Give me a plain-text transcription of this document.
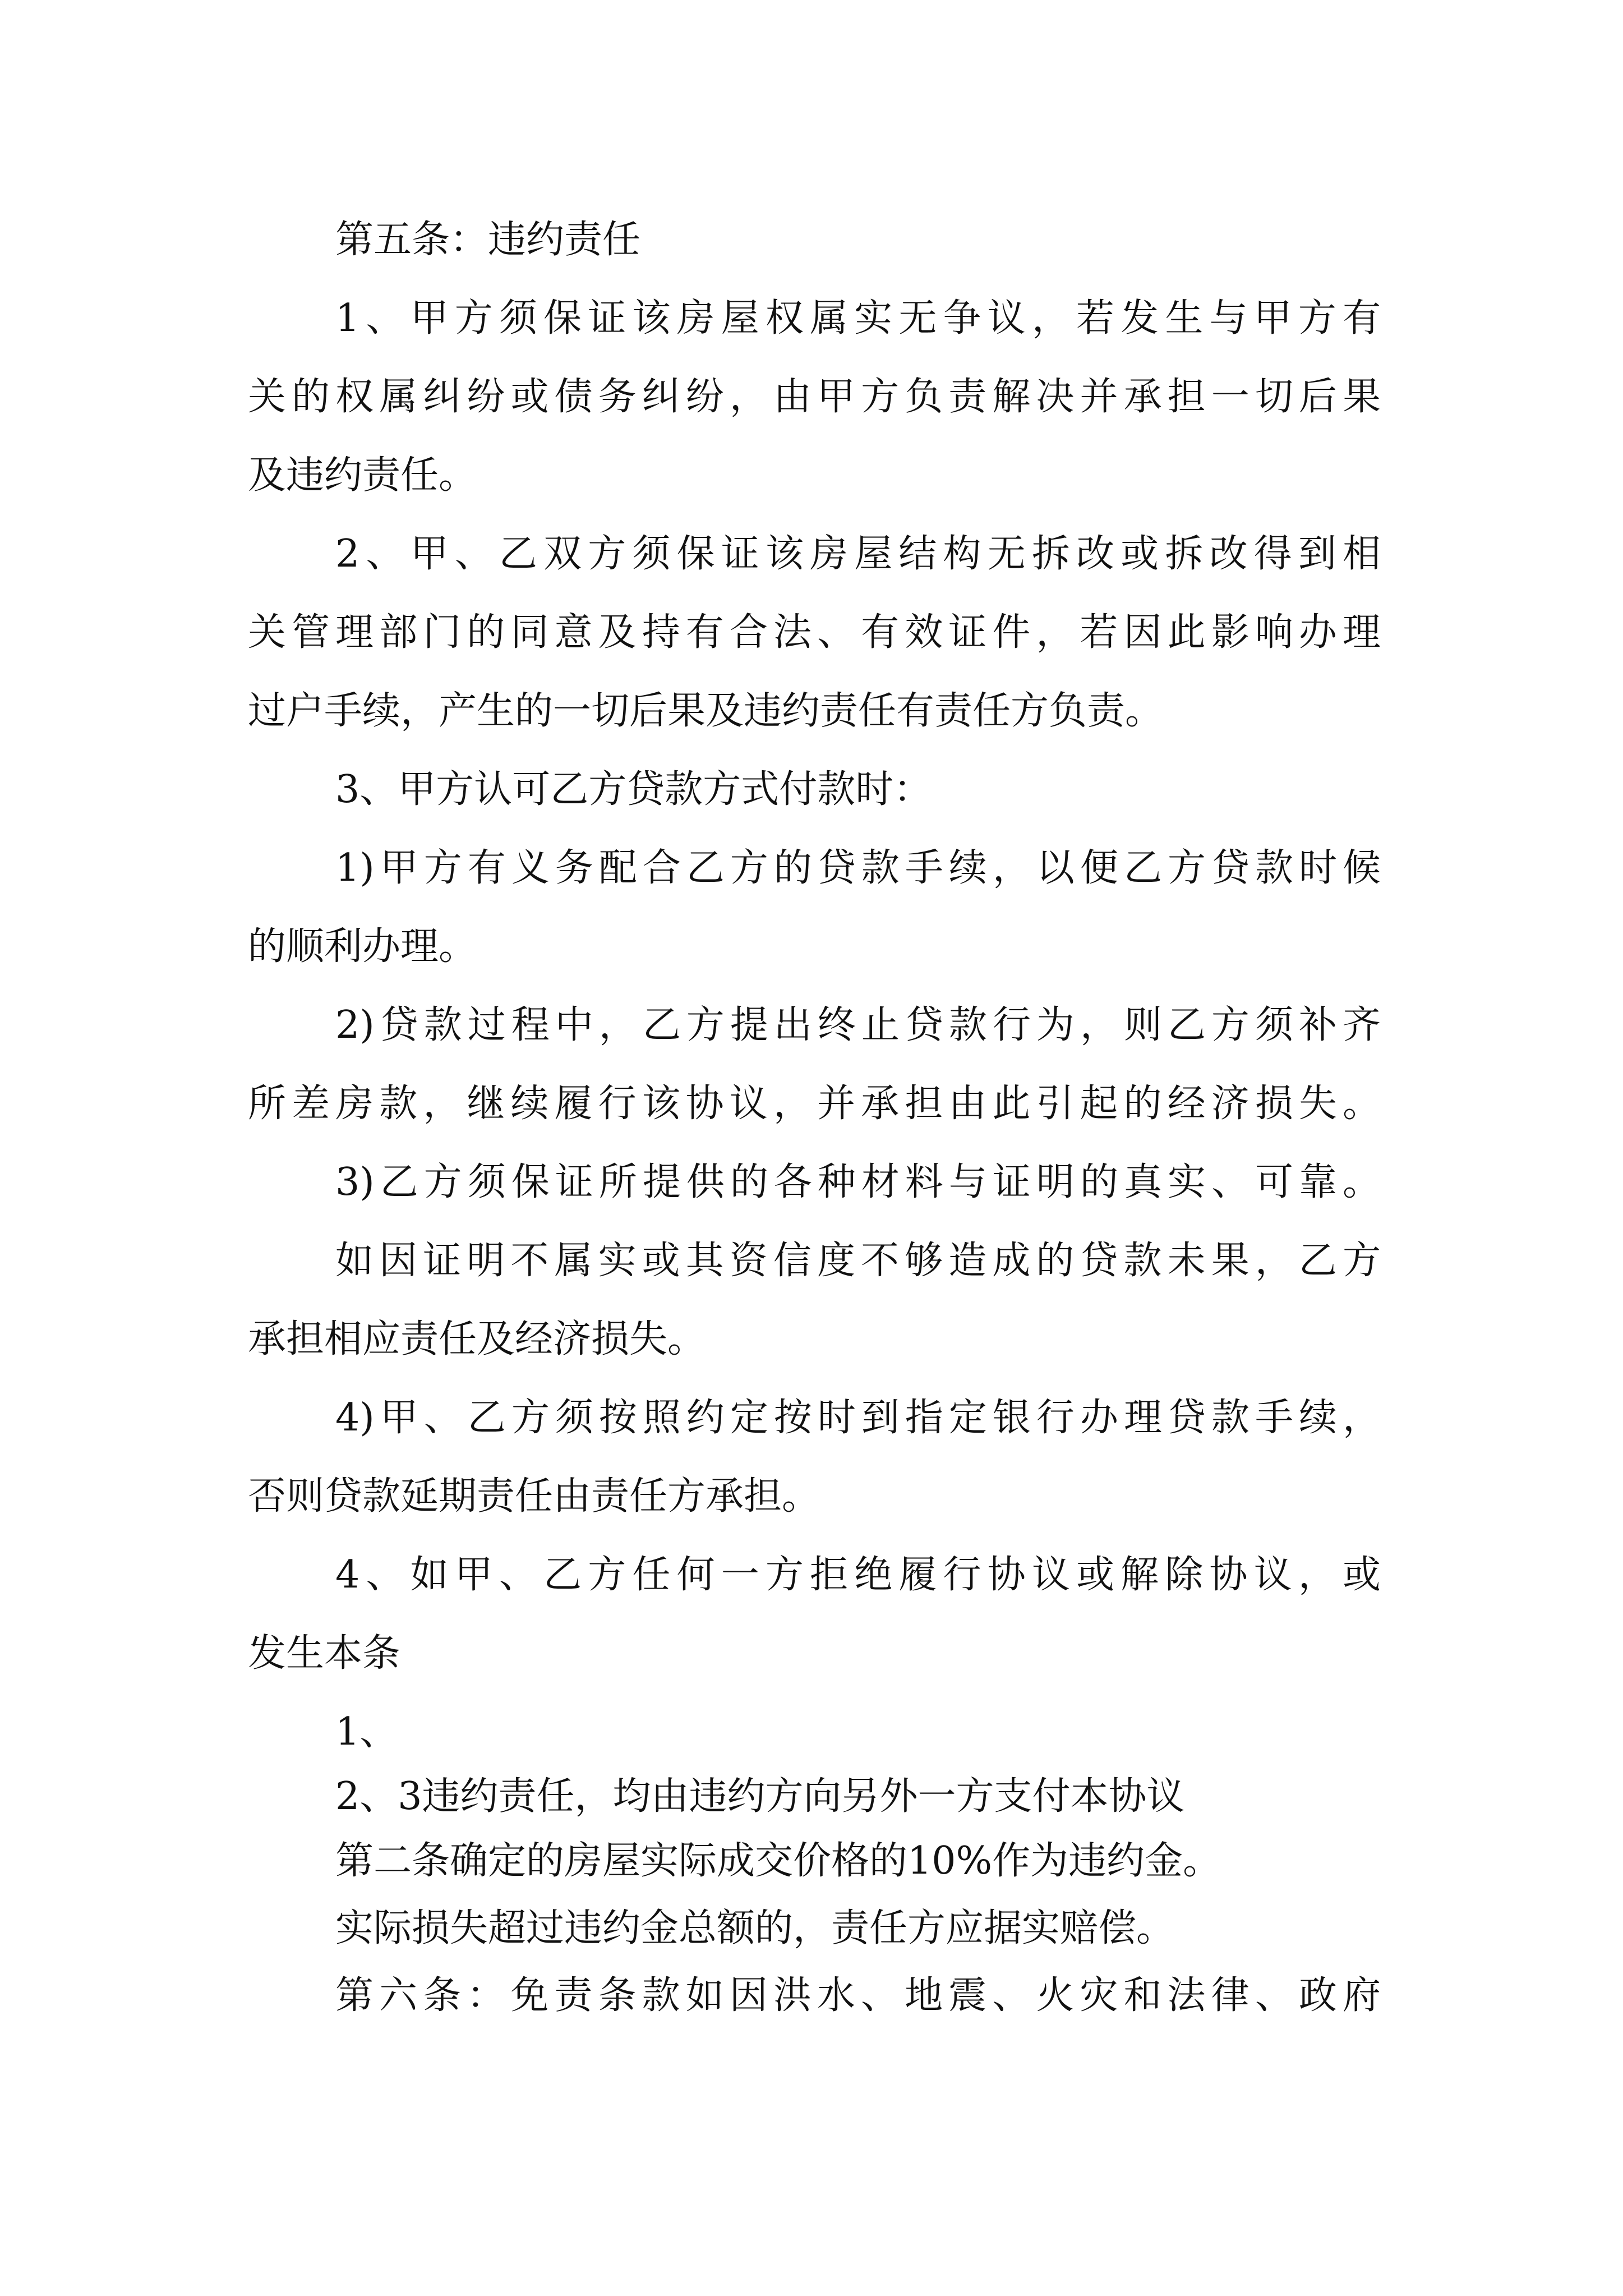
第五条：违约责任
1、甲方须保证该房屋权属实无争议，若发生与甲方有
关的权属纠纷或债务纠纷，由甲方负责解决并承担一切后果
及违约责任。
2、甲、乙双方须保证该房屋结构无拆改或拆改得到相
关管理部门的同意及持有合法、有效证件，若因此影响办理
过户手续，产生的一切后果及违约责任有责任方负责。
3、甲方认可乙方贷款方式付款时：
1)甲方有义务配合乙方的贷款手续，以便乙方贷款时候
的顺利办理。
2)贷款过程中，乙方提出终止贷款行为，则乙方须补齐
所差房款，继续履行该协议，并承担由此引起的经济损失。
3)乙方须保证所提供的各种材料与证明的真实、可靠。
如因证明不属实或其资信度不够造成的贷款未果，乙方
承担相应责任及经济损失。
4)甲、乙方须按照约定按时到指定银行办理贷款手续，
否则贷款延期责任由责任方承担。
4、如甲、乙方任何一方拒绝履行协议或解除协议，或
发生本条
1、
2、3违约责任，均由违约方向另外一方支付本协议
第二条确定的房屋实际成交价格的10%作为违约金。
实际损失超过违约金总额的，责任方应据实赔偿。
第六条：免责条款如因洪水、地震、火灾和法律、政府
